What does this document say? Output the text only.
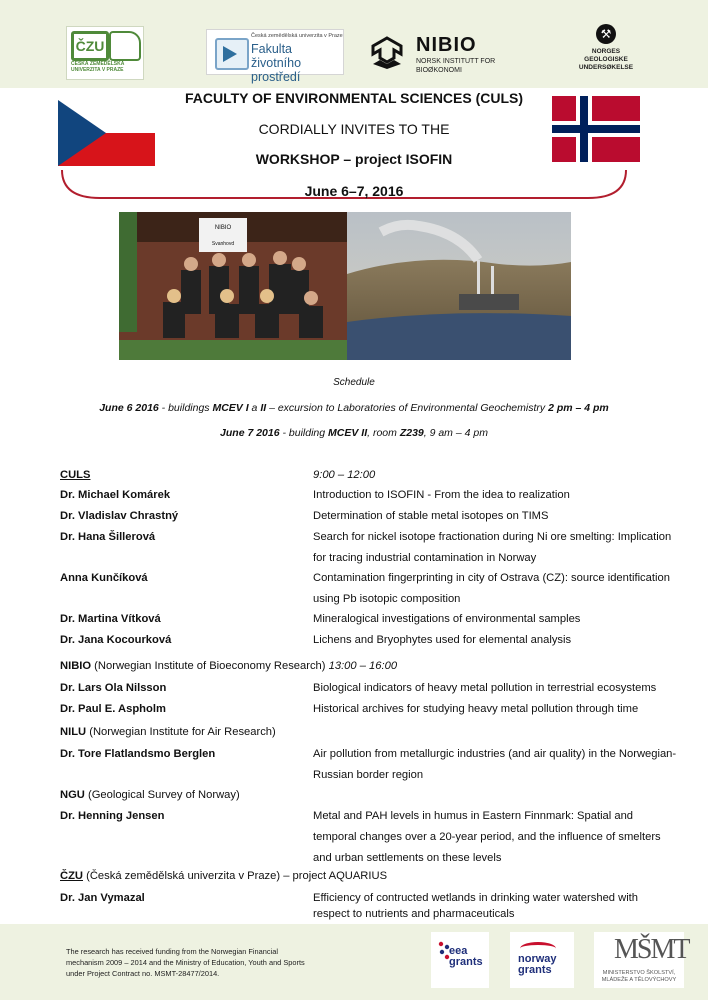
ČZU
ČESKÁ ZEMĚDĚLSKÁ UNIVERZITA V PRAZE
Česká zemědělská univerzita v Praze
Fakulta životního prostředí
NIBIO
NORSK INSTITUTT FOR BIOØKONOMI
⚒
NORGES GEOLOGISKE UNDERSØKELSE
FACULTY OF ENVIRONMENTAL SCIENCES (CULS)
CORDIALLY INVITES TO THE
WORKSHOP – project ISOFIN
June 6–7, 2016
NIBIO
Svanhovd
Schedule
June 6 2016 - buildings MCEV I a II – excursion to Laboratories of Environmental Geochemistry 2 pm – 4 pm
June 7 2016 - building MCEV II, room Z239, 9 am – 4 pm
CULS	9:00 – 12:00
Dr. Michael Komárek	Introduction to ISOFIN - From the idea to realization
Dr. Vladislav Chrastný	Determination of stable metal isotopes on TIMS
Dr. Hana Šillerová	Search for nickel isotope fractionation during Ni ore smelting: Implication
for tracing industrial contamination in Norway
Anna Kunčíková	Contamination fingerprinting in city of Ostrava (CZ): source identification
using Pb isotopic composition
Dr. Martina Vítková	Mineralogical investigations of environmental samples
Dr. Jana Kocourková	Lichens and Bryophytes used for elemental analysis
NIBIO (Norwegian Institute of Bioeconomy Research) 13:00 – 16:00
Dr. Lars Ola Nilsson	Biological indicators of heavy metal pollution in terrestrial ecosystems
Dr. Paul E. Aspholm	Historical archives for studying heavy metal pollution through time
NILU (Norwegian Institute for Air Research)
Dr. Tore Flatlandsmo Berglen	Air pollution from metallurgic industries (and air quality) in the Norwegian-
Russian border region
NGU (Geological Survey of Norway)
Dr. Henning Jensen	Metal and PAH levels in humus in Eastern Finnmark: Spatial and
temporal changes over a 20-year period, and the influence of smelters
and urban settlements on these levels
ČZU (Česká zemědělská univerzita v Praze) – project AQUARIUS
Dr. Jan Vymazal	Efficiency of contructed wetlands in drinking water watershed with
respect to nutrients and pharmaceuticals
The research has received funding from the Norwegian Financial mechanism 2009 – 2014 and the Ministry of Education, Youth and Sports under Project Contract no. MSMT-28477/2014.
eea
grants	norway
grants
MŠMT
MINISTERSTVO ŠKOLSTVÍ, MLÁDEŽE A TĚLOVÝCHOVY
